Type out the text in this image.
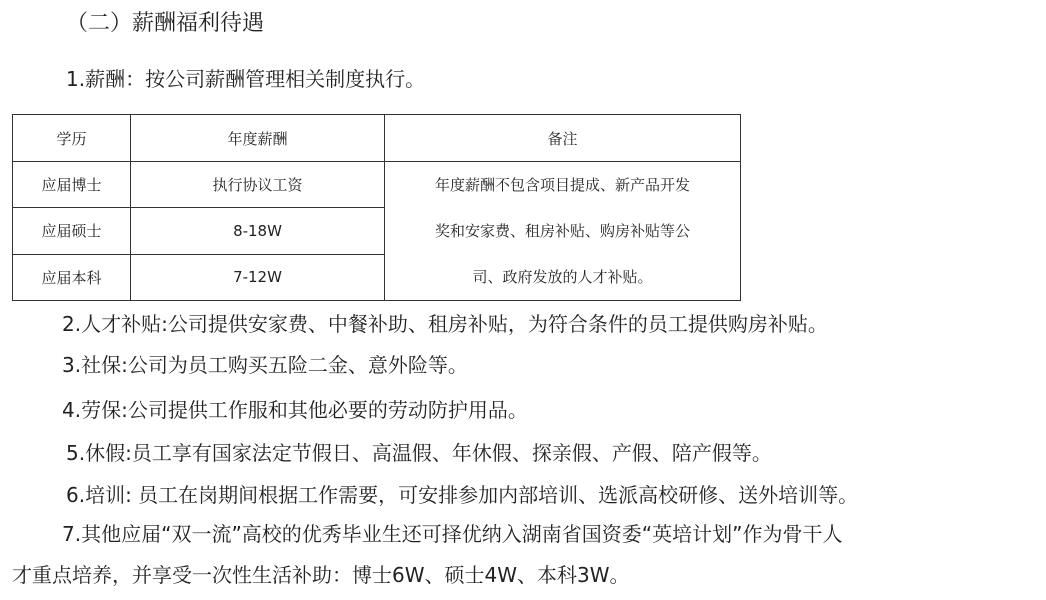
（二）薪酬福利待遇
1.薪酬：按公司薪酬管理相关制度执行。
学历	年度薪酬	备注
应届博士	执行协议工资	年度薪酬不包含项目提成、新产品开发
奖和安家费、租房补贴、购房补贴等公
司、政府发放的人才补贴。

应届硕士	8-18W	
应届本科	7-12W	
2.人才补贴:公司提供安家费、中餐补助、租房补贴，为符合条件的员工提供购房补贴。
3.社保:公司为员工购买五险二金、意外险等。
4.劳保:公司提供工作服和其他必要的劳动防护用品。
5.休假:员工享有国家法定节假日、高温假、年休假、探亲假、产假、陪产假等。
6.培训: 员工在岗期间根据工作需要，可安排参加内部培训、选派高校研修、送外培训等。
7.其他应届“双一流”高校的优秀毕业生还可择优纳入湖南省国资委“英培计划”作为骨干人
才重点培养，并享受一次性生活补助：博士6W、硕士4W、本科3W。
